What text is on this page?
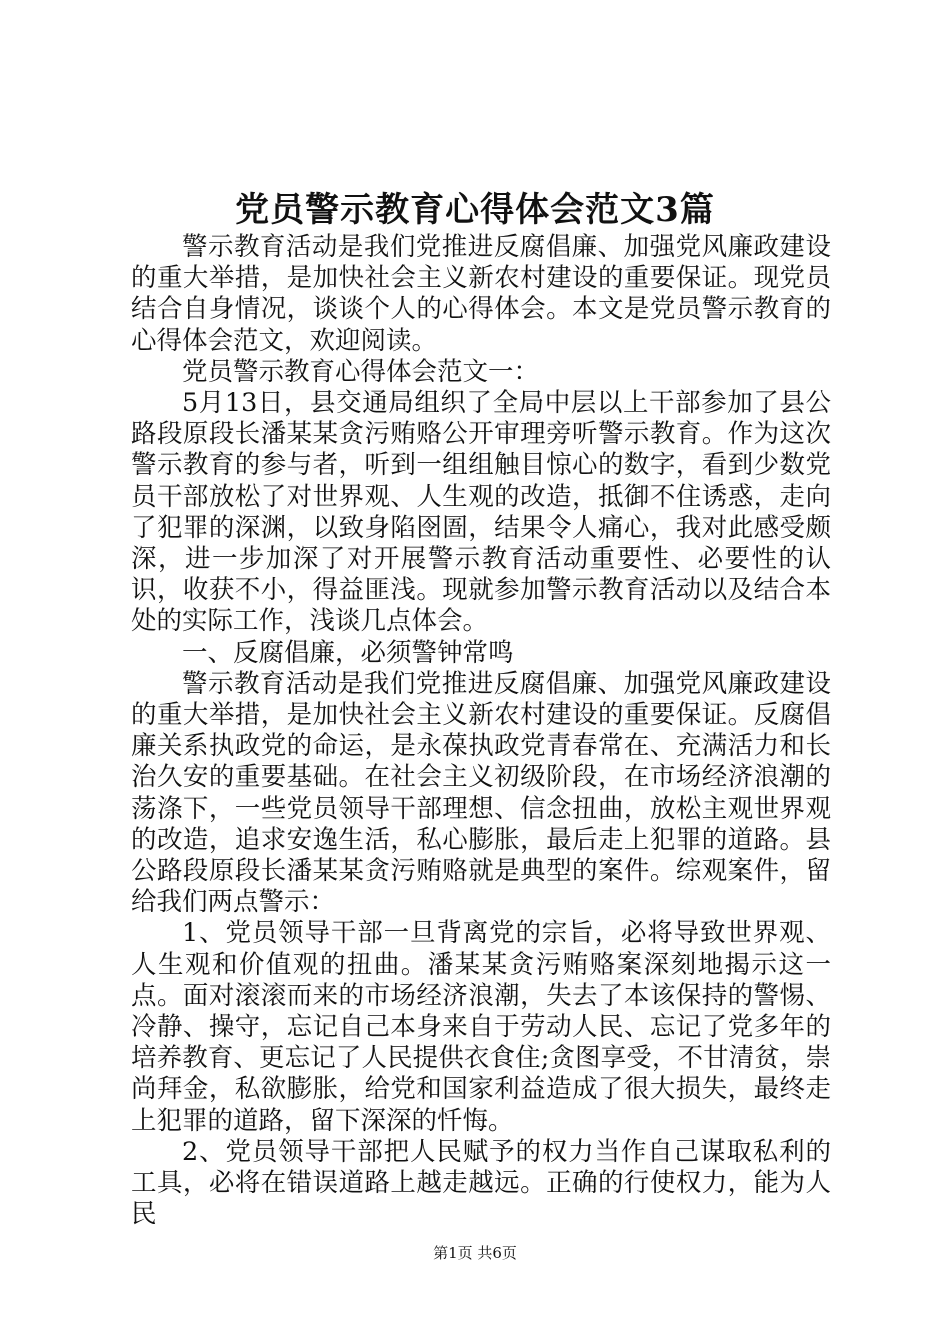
党员警示教育心得体会范文3篇

警示教育活动是我们党推进反腐倡廉、加强党风廉政建设的重大举措，是加快社会主义新农村建设的重要保证。现党员结合自身情况，谈谈个人的心得体会。本文是党员警示教育的心得体会范文，欢迎阅读。

党员警示教育心得体会范文一：

5月13日，县交通局组织了全局中层以上干部参加了县公路段原段长潘某某贪污贿赂公开审理旁听警示教育。作为这次警示教育的参与者，听到一组组触目惊心的数字，看到少数党员干部放松了对世界观、人生观的改造，抵御不住诱惑，走向了犯罪的深渊，以致身陷囹圄，结果令人痛心，我对此感受颇深，进一步加深了对开展警示教育活动重要性、必要性的认识，收获不小，得益匪浅。现就参加警示教育活动以及结合本处的实际工作，浅谈几点体会。

一、反腐倡廉，必须警钟常鸣

警示教育活动是我们党推进反腐倡廉、加强党风廉政建设的重大举措，是加快社会主义新农村建设的重要保证。反腐倡廉关系执政党的命运，是永葆执政党青春常在、充满活力和长治久安的重要基础。在社会主义初级阶段，在市场经济浪潮的荡涤下，一些党员领导干部理想、信念扭曲，放松主观世界观的改造，追求安逸生活，私心膨胀，最后走上犯罪的道路。县公路段原段长潘某某贪污贿赂就是典型的案件。综观案件，留给我们两点警示：

1、党员领导干部一旦背离党的宗旨，必将导致世界观、人生观和价值观的扭曲。潘某某贪污贿赂案深刻地揭示这一点。面对滚滚而来的市场经济浪潮，失去了本该保持的警惕、冷静、操守，忘记自己本身来自于劳动人民、忘记了党多年的培养教育、更忘记了人民提供衣食住;贪图享受，不甘清贫，崇尚拜金，私欲膨胀，给党和国家利益造成了很大损失，最终走上犯罪的道路，留下深深的忏悔。

2、党员领导干部把人民赋予的权力当作自己谋取私利的工具，必将在错误道路上越走越远。正确的行使权力，能为人民

第1页 共6页
